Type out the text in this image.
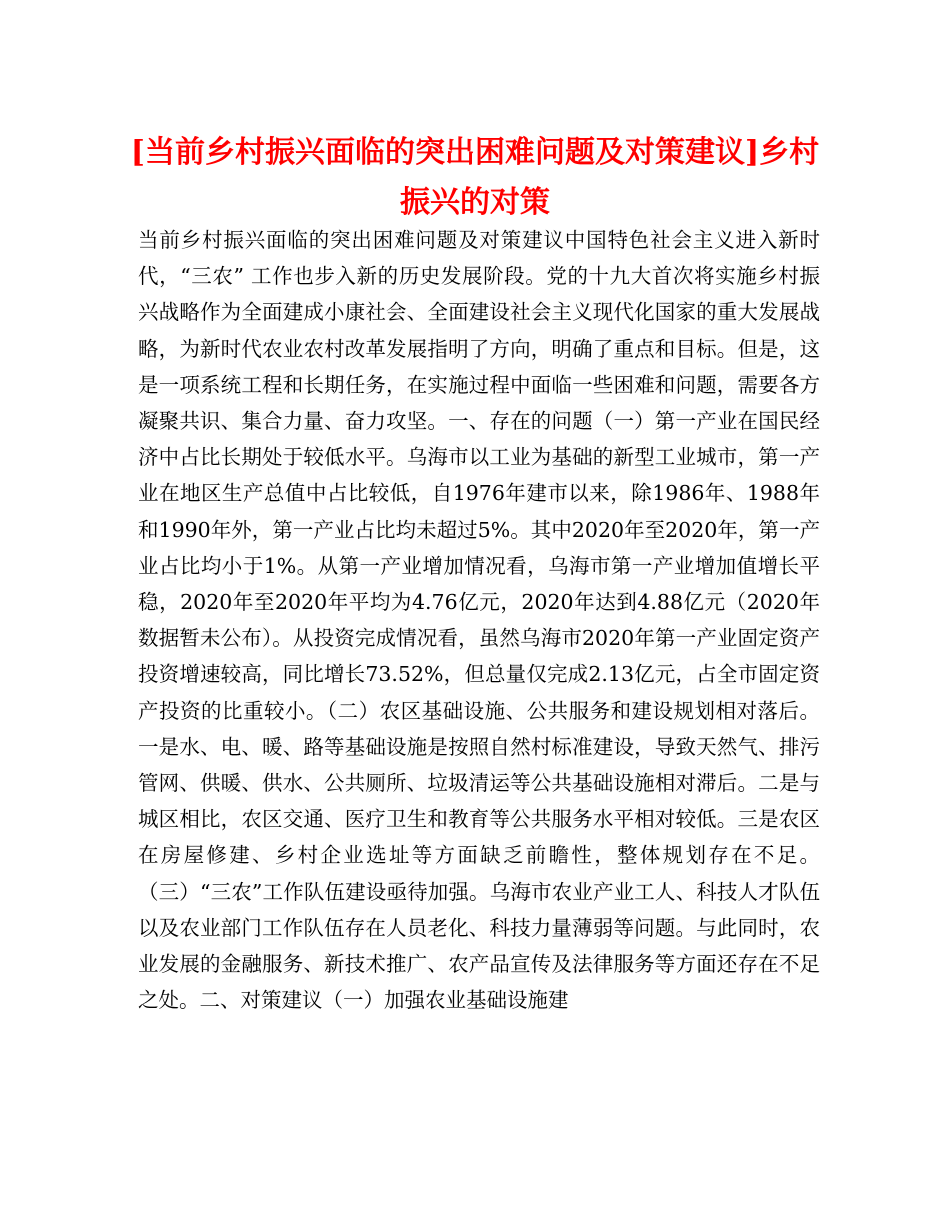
[当前乡村振兴面临的突出困难问题及对策建议]乡村振兴的对策

当前乡村振兴面临的突出困难问题及对策建议中国特色社会主义进入新时代，“三农” 工作也步入新的历史发展阶段。党的十九大首次将实施乡村振兴战略作为全面建成小康社会、全面建设社会主义现代化国家的重大发展战略，为新时代农业农村改革发展指明了方向，明确了重点和目标。但是，这是一项系统工程和长期任务，在实施过程中面临一些困难和问题，需要各方凝聚共识、集合力量、奋力攻坚。一、存在的问题（一）第一产业在国民经济中占比长期处于较低水平。乌海市以工业为基础的新型工业城市，第一产业在地区生产总值中占比较低，自1976年建市以来，除1986年、1988年和1990年外，第一产业占比均未超过5%。其中2020年至2020年，第一产业占比均小于1%。从第一产业增加情况看，乌海市第一产业增加值增长平稳，2020年至2020年平均为4.76亿元，2020年达到4.88亿元（2020年数据暂未公布）。从投资完成情况看，虽然乌海市2020年第一产业固定资产投资增速较高，同比增长73.52%，但总量仅完成2.13亿元，占全市固定资产投资的比重较小。（二）农区基础设施、公共服务和建设规划相对落后。一是水、电、暖、路等基础设施是按照自然村标准建设，导致天然气、排污管网、供暖、供水、公共厕所、垃圾清运等公共基础设施相对滞后。二是与城区相比，农区交通、医疗卫生和教育等公共服务水平相对较低。三是农区在房屋修建、乡村企业选址等方面缺乏前瞻性，整体规划存在不足。（三）“三农”工作队伍建设亟待加强。乌海市农业产业工人、科技人才队伍以及农业部门工作队伍存在人员老化、科技力量薄弱等问题。与此同时，农业发展的金融服务、新技术推广、农产品宣传及法律服务等方面还存在不足之处。二、对策建议（一）加强农业基础设施建
